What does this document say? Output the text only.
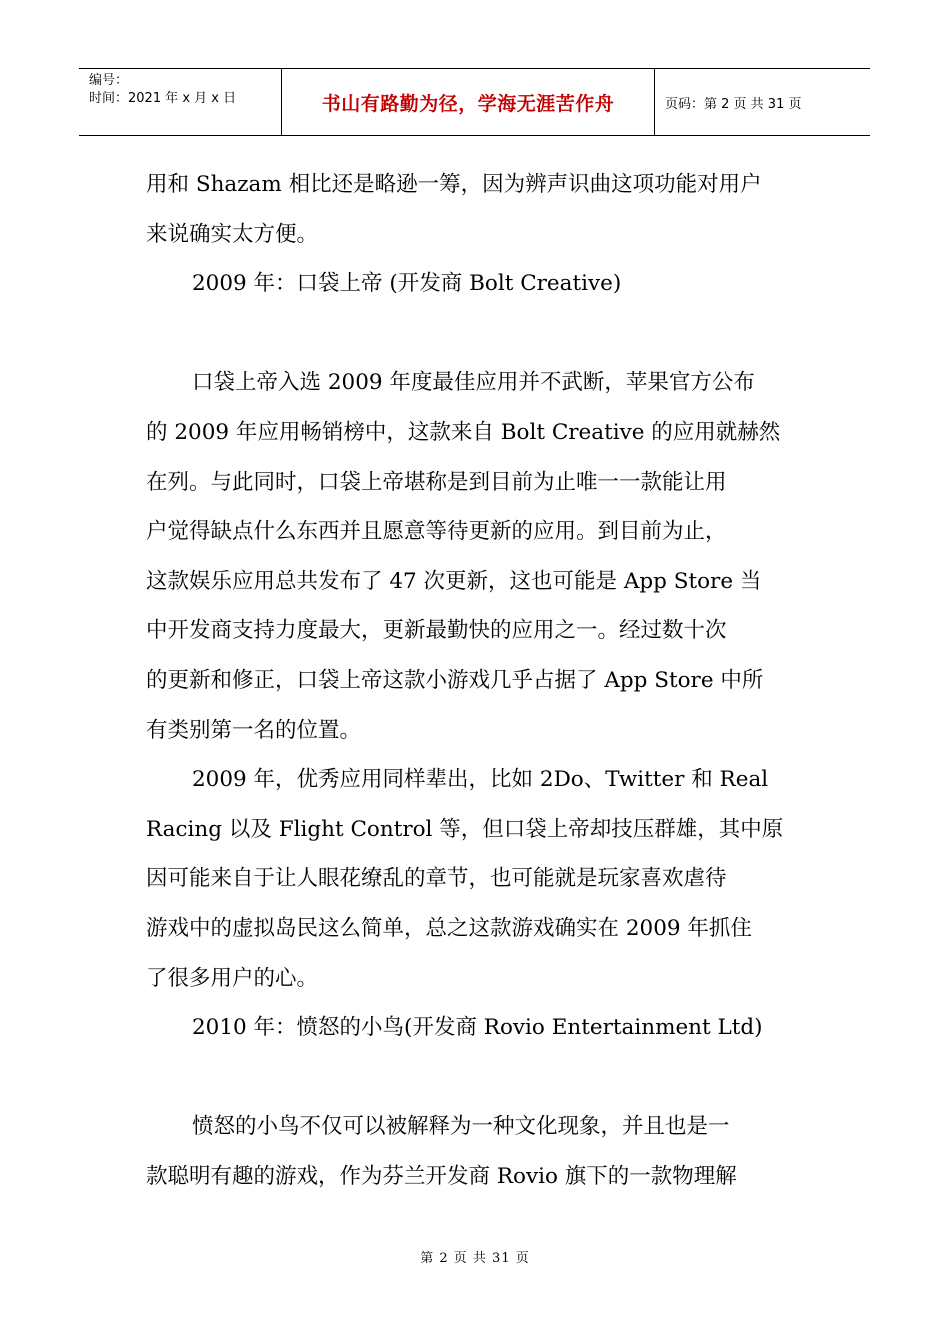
编号：
时间：2021 年 x 月 x 日	书山有路勤为径，学海无涯苦作舟	页码：第 2 页 共 31 页
用和 Shazam 相比还是略逊一筹，因为辨声识曲这项功能对用户
来说确实太方便。
2009 年：口袋上帝 (开发商 Bolt Creative)
口袋上帝入选 2009 年度最佳应用并不武断，苹果官方公布
的 2009 年应用畅销榜中，这款来自 Bolt Creative 的应用就赫然
在列。与此同时，口袋上帝堪称是到目前为止唯一一款能让用
户觉得缺点什么东西并且愿意等待更新的应用。到目前为止，
这款娱乐应用总共发布了 47 次更新，这也可能是 App Store 当
中开发商支持力度最大，更新最勤快的应用之一。经过数十次
的更新和修正，口袋上帝这款小游戏几乎占据了 App Store 中所
有类别第一名的位置。
2009 年，优秀应用同样辈出，比如 2Do、Twitter 和 Real
Racing 以及 Flight Control 等，但口袋上帝却技压群雄，其中原
因可能来自于让人眼花缭乱的章节，也可能就是玩家喜欢虐待
游戏中的虚拟岛民这么简单，总之这款游戏确实在 2009 年抓住
了很多用户的心。
2010 年：愤怒的小鸟(开发商 Rovio Entertainment Ltd)
愤怒的小鸟不仅可以被解释为一种文化现象，并且也是一
款聪明有趣的游戏，作为芬兰开发商 Rovio 旗下的一款物理解
第 2 页 共 31 页
